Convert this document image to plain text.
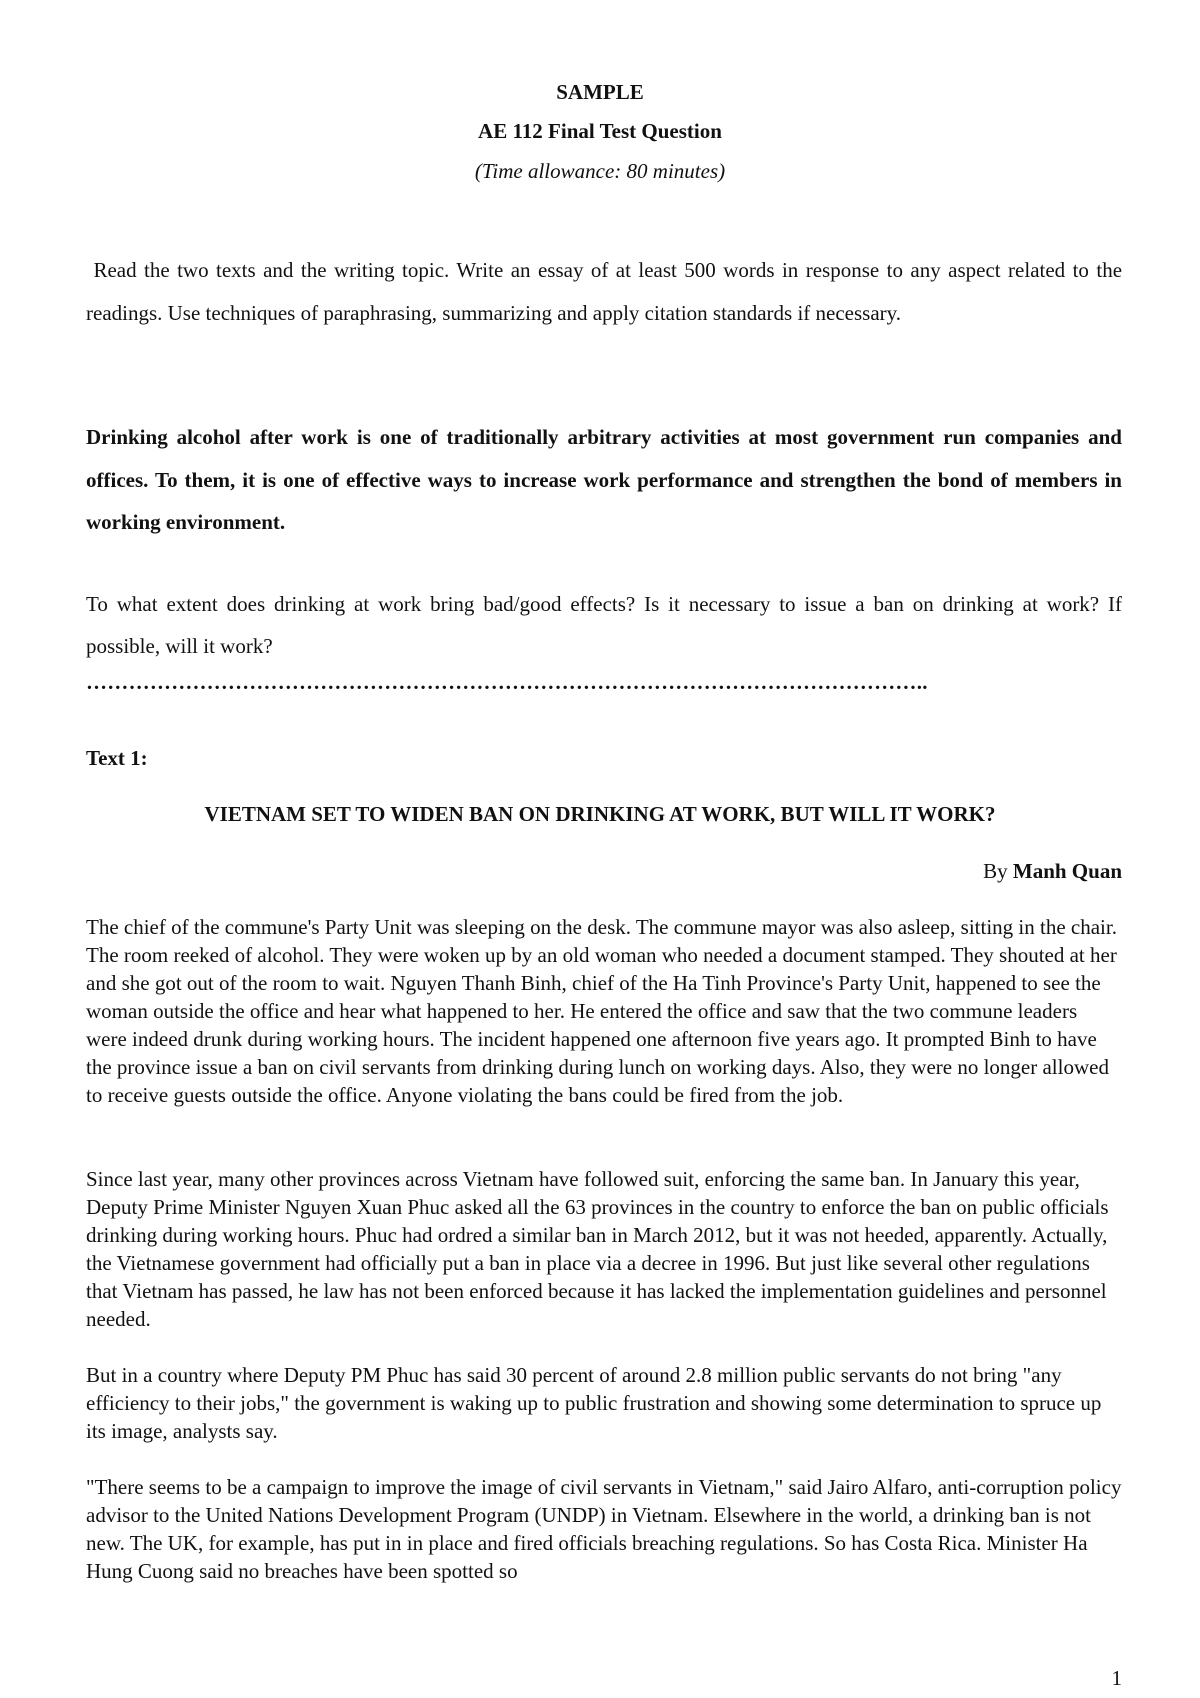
SAMPLE
AE 112 Final Test Question
(Time allowance: 80 minutes)
Read the two texts and the writing topic. Write an essay of at least 500 words in response to any aspect related to the readings. Use techniques of paraphrasing, summarizing and apply citation standards if necessary.
Drinking alcohol after work is one of traditionally arbitrary activities at most government run companies and offices. To them, it is one of effective ways to increase work performance and strengthen the bond of members in working environment.
To what extent does drinking at work bring bad/good effects? Is it necessary to issue a ban on drinking at work? If possible, will it work?
………………………………………………………………………………………………………..
Text 1:
VIETNAM SET TO WIDEN BAN ON DRINKING AT WORK, BUT WILL IT WORK?
By Manh Quan
The chief of the commune's Party Unit was sleeping on the desk. The commune mayor was also asleep, sitting in the chair. The room reeked of alcohol. They were woken up by an old woman who needed a document stamped. They shouted at her and she got out of the room to wait. Nguyen Thanh Binh, chief of the Ha Tinh Province's Party Unit, happened to see the woman outside the office and hear what happened to her. He entered the office and saw that the two commune leaders were indeed drunk during working hours. The incident happened one afternoon five years ago. It prompted Binh to have the province issue a ban on civil servants from drinking during lunch on working days. Also, they were no longer allowed to receive guests outside the office. Anyone violating the bans could be fired from the job.
Since last year, many other provinces across Vietnam have followed suit, enforcing the same ban. In January this year, Deputy Prime Minister Nguyen Xuan Phuc asked all the 63 provinces in the country to enforce the ban on public officials drinking during working hours. Phuc had ordred a similar ban in March 2012, but it was not heeded, apparently. Actually, the Vietnamese government had officially put a ban in place via a decree in 1996. But just like several other regulations that Vietnam has passed, he law has not been enforced because it has lacked the implementation guidelines and personnel needed.
But in a country where Deputy PM Phuc has said 30 percent of around 2.8 million public servants do not bring "any efficiency to their jobs," the government is waking up to public frustration and showing some determination to spruce up its image, analysts say.
"There seems to be a campaign to improve the image of civil servants in Vietnam," said Jairo Alfaro, anti-corruption policy advisor to the United Nations Development Program (UNDP) in Vietnam. Elsewhere in the world, a drinking ban is not new. The UK, for example, has put in in place and fired officials breaching regulations. So has Costa Rica. Minister Ha Hung Cuong said no breaches have been spotted so
1
